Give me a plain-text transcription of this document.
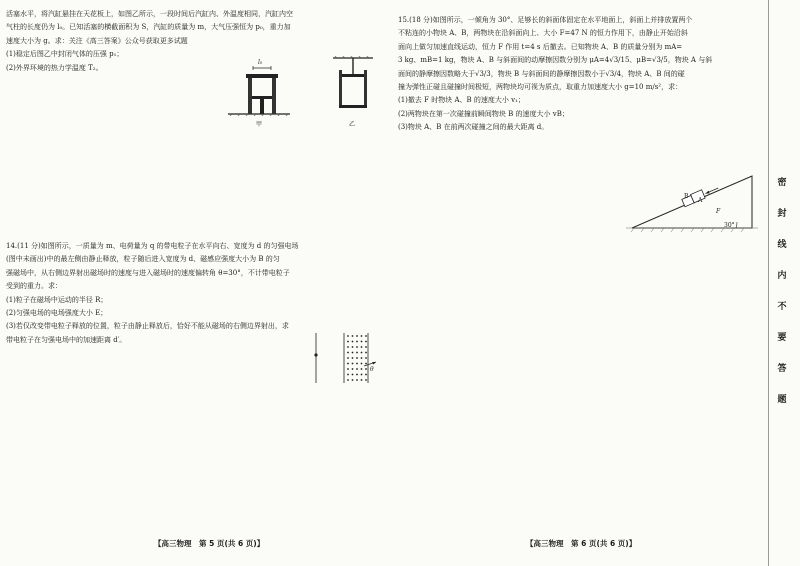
活塞水平，将汽缸悬挂在天花板上，如图乙所示，一段时间后汽缸内、外温度相同，汽缸内空
气柱的长度仍为 l₀。已知活塞的横截面积为 S，汽缸的质量为 m，大气压强恒为 p₀，重力加
速度大小为 g。求：关注《高三答案》公众号获取更多试题
(1)稳定后图乙中封闭气体的压强 p₁；
(2)外界环境的热力学温度 T₂。
l₀
甲	乙
14.(11 分)如图所示，一质量为 m、电荷量为 q 的带电粒子在水平向右、宽度为 d 的匀强电场
(图中未画出)中的最左侧由静止释放，粒子随后进入宽度为 d、磁感应强度大小为 B 的匀
强磁场中，从右侧边界射出磁场时的速度与进入磁场时的速度偏转角 θ=30°，不计带电粒子
受到的重力。求：
(1)粒子在磁场中运动的半径 R；
(2)匀强电场的电场强度大小 E；
(3)若仅改变带电粒子释放的位置，粒子由静止释放后，恰好不能从磁场的右侧边界射出，求
带电粒子在匀强电场中的加速距离 d′。
θ
【高三物理　第 5 页(共 6 页)】
15.(18 分)如图所示，一倾角为 30°、足够长的斜面体固定在水平地面上，斜面上并排放置两个
不粘连的小物块 A、B，两物块在沿斜面向上、大小 F=47 N 的恒力作用下，由静止开始沿斜
面向上做匀加速直线运动，恒力 F 作用 t=4 s 后撤去。已知物块 A、B 的质量分别为 mA=
3 kg、mB=1 kg，物块 A、B 与斜面间的动摩擦因数分别为 μA=4√3/15、μB=√3/5，物块 A 与斜
面间的静摩擦因数略大于√3/3，物块 B 与斜面间的静摩擦因数小于√3/4，物块 A、B 间的碰
撞为弹性正碰且碰撞时间极短，两物块均可视为质点，取重力加速度大小 g=10 m/s²，求：
(1)撤去 F 时物块 A、B 的速度大小 v₁；
(2)两物块在第一次碰撞前瞬间物块 B 的速度大小 vB；
(3)物块 A、B 在前两次碰撞之间的最大距离 d。
B
A
F
30°
【高三物理　第 6 页(共 6 页)】
密
封
线
内
不
要
答
题
